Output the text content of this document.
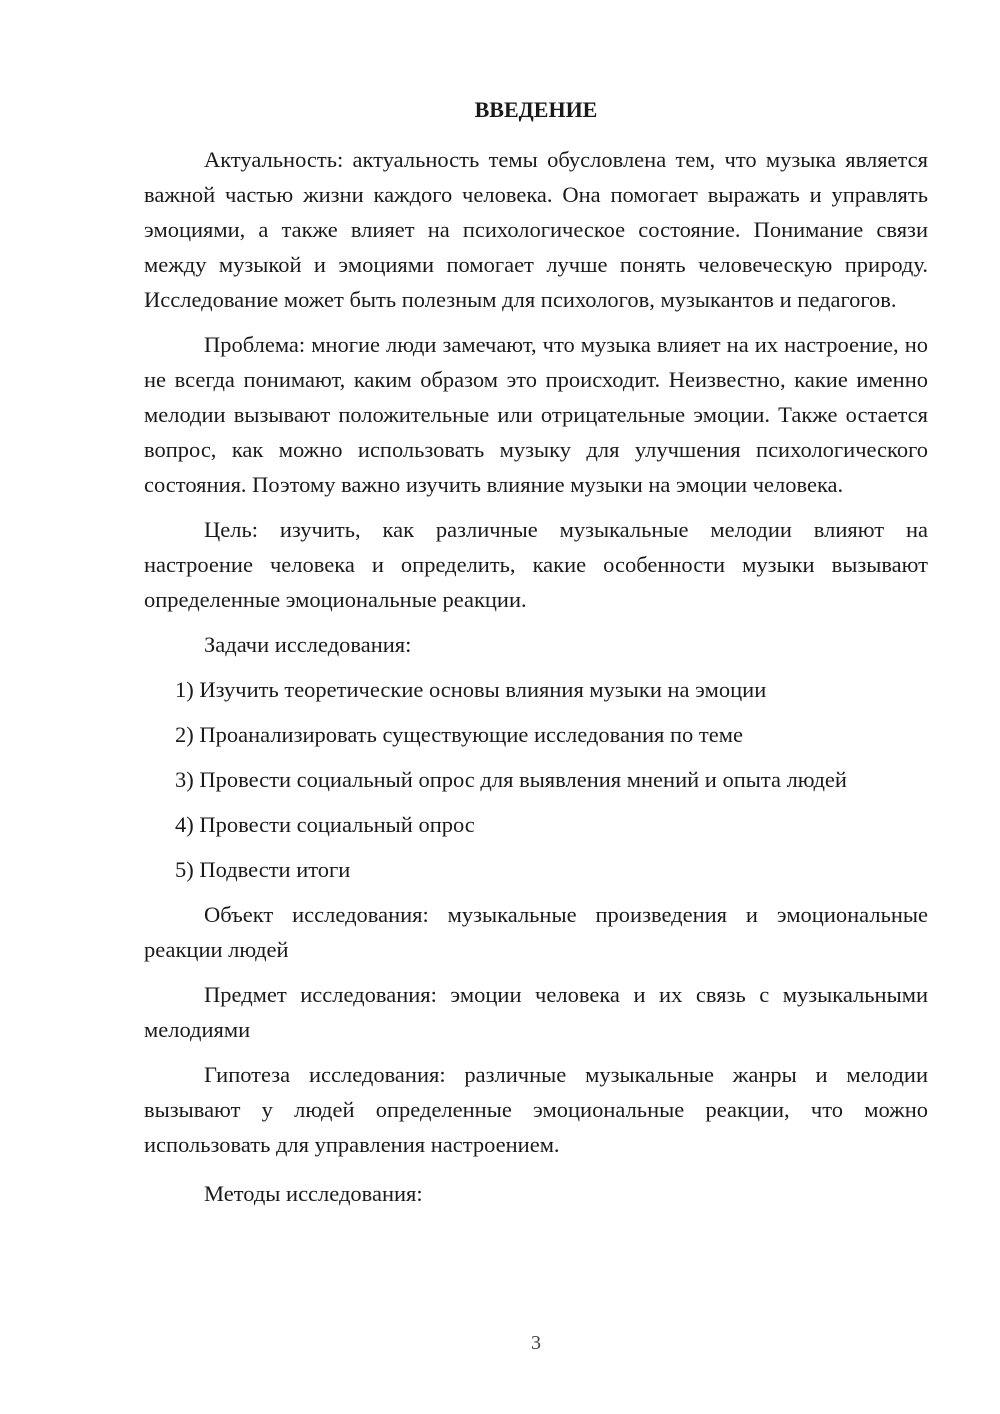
ВВЕДЕНИЕ

Актуальность: актуальность темы обусловлена тем, что музыка является важной частью жизни каждого человека. Она помогает выражать и управлять эмоциями, а также влияет на психологическое состояние. Понимание связи между музыкой и эмоциями помогает лучше понять человеческую природу. Исследование может быть полезным для психологов, музыкантов и педагогов.

Проблема: многие люди замечают, что музыка влияет на их настроение, но не всегда понимают, каким образом это происходит. Неизвестно, какие именно мелодии вызывают положительные или отрицательные эмоции. Также остается вопрос, как можно использовать музыку для улучшения психологического состояния. Поэтому важно изучить влияние музыки на эмоции человека.

Цель: изучить, как различные музыкальные мелодии влияют на настроение человека и определить, какие особенности музыки вызывают определенные эмоциональные реакции.

Задачи исследования:

1) Изучить теоретические основы влияния музыки на эмоции
2) Проанализировать существующие исследования по теме
3) Провести социальный опрос для выявления мнений и опыта людей
4) Провести социальный опрос
5) Подвести итоги

Объект исследования: музыкальные произведения и эмоциональные реакции людей

Предмет исследования: эмоции человека и их связь с музыкальными мелодиями

Гипотеза исследования: различные музыкальные жанры и мелодии вызывают у людей определенные эмоциональные реакции, что можно использовать для управления настроением.

Методы исследования:

3
